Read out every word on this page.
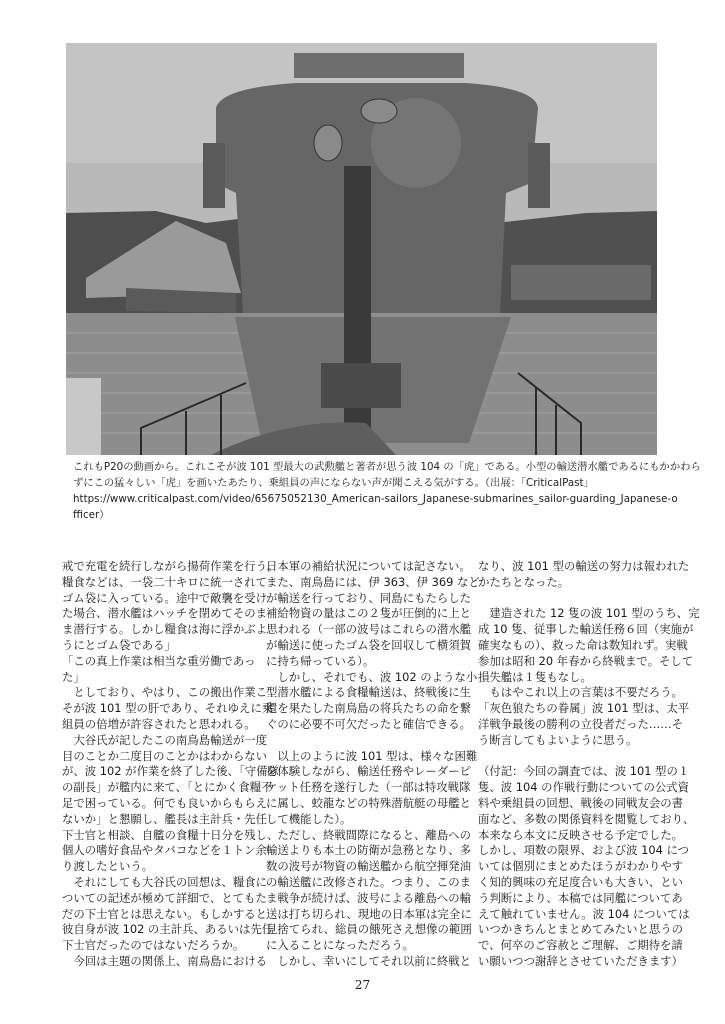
これもP20の動画から。これこそが波 101 型最大の武勲艦と著者が思う波 104 の「虎」である。小型の輸送潜水艦であるにもかかわら
ずにこの猛々しい「虎」を画いたあたり、乗組員の声にならない声が聞こえる気がする。（出展：「CriticalPast」
https://www.criticalpast.com/video/65675052130_American-sailors_Japanese-submarines_sailor-guarding_Japanese-o
fficer）
戒で充電を続行しながら揚荷作業を行う。
糧食などは、一袋二十キロに統一されて
ゴム袋に入っている。途中で敵襲を受け
た場合、潜水艦はハッチを閉めてそのま
ま潜行する。しかし糧食は海に浮かぶよ
うにとゴム袋である」
「この真上作業は相当な重労働であっ
た」
　としており、やはり、この搬出作業こ
そが波 101 型の肝であり、それゆえに乗
組員の倍増が許容されたと思われる。
　大谷氏が記したこの南鳥島輸送が一度
目のことか二度目のことかはわからない
が、波 102 が作業を終了した後、「守備隊
の副長」が艦内に来て、「とにかく食糧不
足で困っている。何でも良いからもらえ
ないか」と懇願し、艦長は主計兵・先任
下士官と相談、自艦の食糧十日分を残し、
個人の嗜好食品やタバコなどを１トン余
り渡したという。
　それにしても大谷氏の回想は、糧食に
ついての記述が極めて詳細で、とてもた
だの下士官とは思えない。もしかすると
彼自身が波 102 の主計兵、あるいは先任
下士官だったのではないだろうか。
　今回は主題の関係上、南鳥島における
日本軍の補給状況については記さない。
また、南鳥島には、伊 363、伊 369 など
が輸送を行っており、同島にもたらした
補給物資の量はこの２隻が圧倒的に上と
思われる（一部の波号はこれらの潜水艦
が輸送に使ったゴム袋を回収して横須賀
に持ち帰っている）。
　しかし、それでも、波 102 のような小
型潜水艦による食糧輸送は、終戦後に生
還を果たした南鳥島の将兵たちの命を繋
ぐのに必要不可欠だったと確信できる。
　以上のように波 101 型は、様々な困難
を体験しながら、輸送任務やレーダーピ
ケット任務を遂行した（一部は特攻戦隊
に属し、蛟龍などの特殊潜航艇の母艦と
して機能した）。
　ただし、終戦間際になると、離島への
輸送よりも本土の防衛が急務となり、多
数の波号が物資の輸送艦から航空揮発油
の輸送艦に改修された。つまり、このま
ま戦争が続けば、波号による離島への輸
送は打ち切られ、現地の日本軍は完全に
見捨てられ、総員の餓死さえ想像の範囲
に入ることになっただろう。
　しかし、幸いにしてそれ以前に終戦と
なり、波 101 型の輸送の努力は報われた
かたちとなった。
　建造された 12 隻の波 101 型のうち、完
成 10 隻、従事した輸送任務６回（実施が
確実なもの）、救った命は数知れず。実戦
参加は昭和 20 年春から終戦まで。そして
損失艦は１隻もなし。
　もはやこれ以上の言葉は不要だろう。
「灰色狼たちの眷属」波 101 型は、太平
洋戦争最後の勝利の立役者だった……そ
う断言してもよいように思う。
（付記：今回の調査では、波 101 型の１
隻、波 104 の作戦行動についての公式資
料や乗組員の回想、戦後の同戦友会の書
面など、多数の関係資料を閲覧しており、
本来なら本文に反映させる予定でした。
しかし、項数の限界、および波 104 につ
いては個別にまとめたほうがわかりやす
く知的興味の充足度合いも大きい、とい
う判断により、本稿では同艦についてあ
えて触れていません。波 104 については
いつかきちんとまとめてみたいと思うの
で、何卒のご容赦とご理解、ご期待を請
い願いつつ謝辞とさせていただきます）
27
